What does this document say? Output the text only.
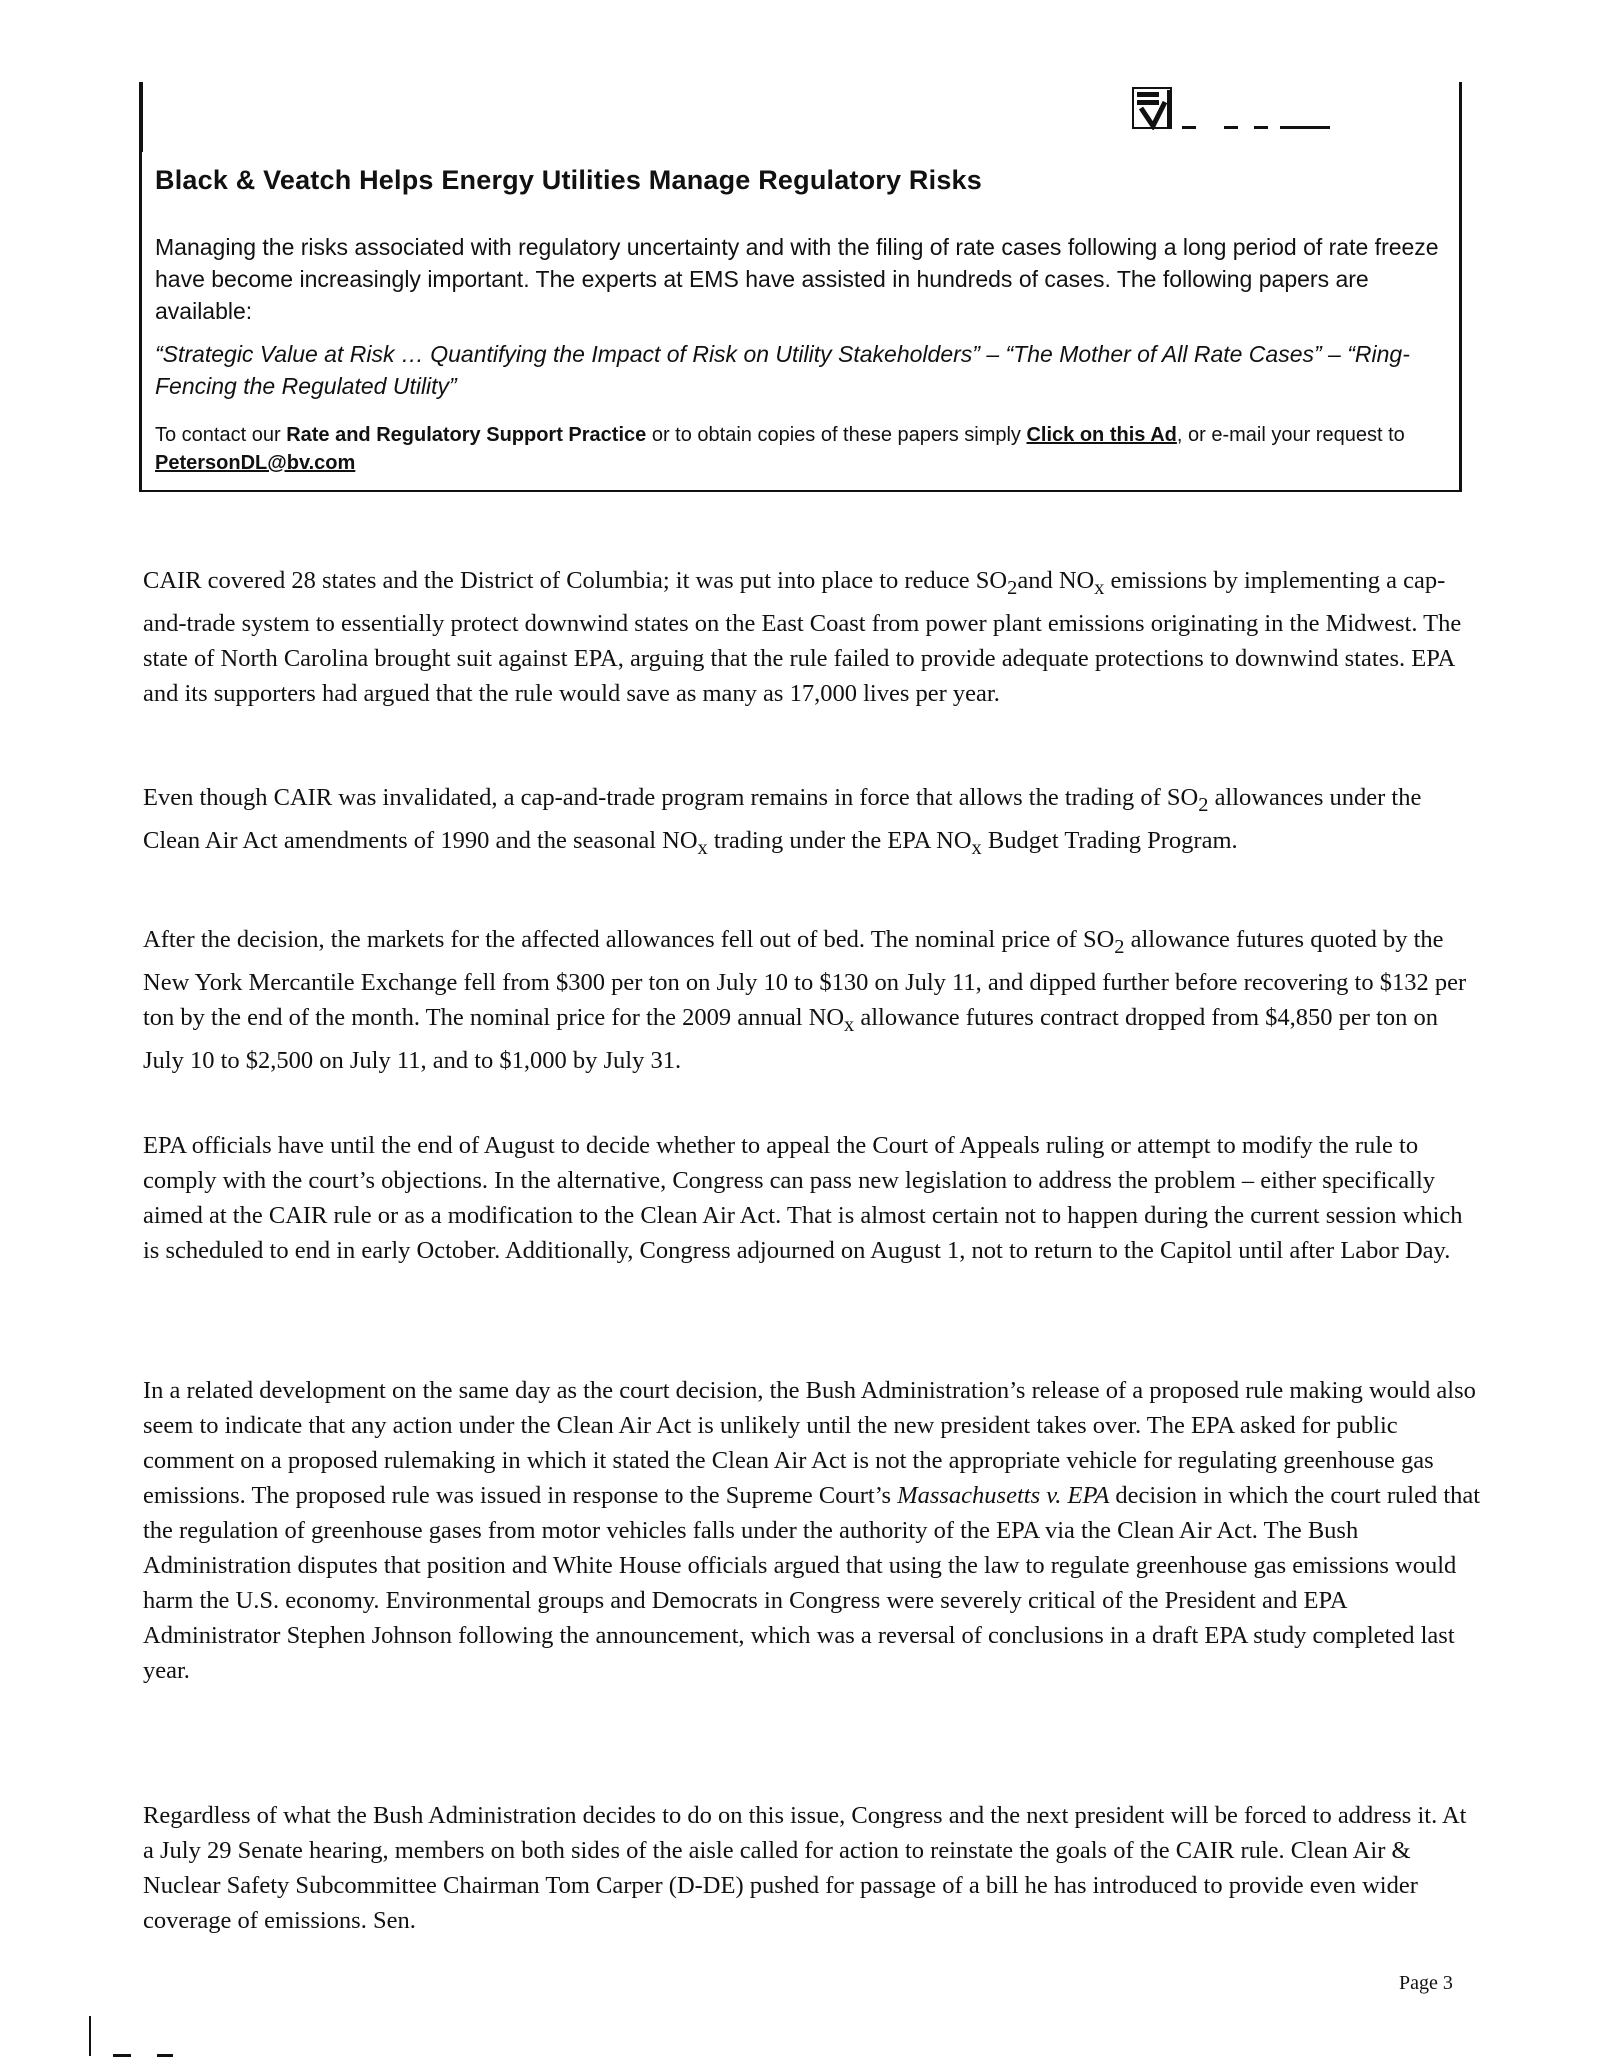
Black & Veatch Helps Energy Utilities Manage Regulatory Risks
Managing the risks associated with regulatory uncertainty and with the filing of rate cases following a long period of rate freeze have become increasingly important. The experts at EMS have assisted in hundreds of cases. The following papers are available:
“Strategic Value at Risk … Quantifying the Impact of Risk on Utility Stakeholders” – “The Mother of All Rate Cases” – “Ring-Fencing the Regulated Utility”
To contact our Rate and Regulatory Support Practice or to obtain copies of these papers simply Click on this Ad, or e-mail your request to PetersonDL@bv.com
CAIR covered 28 states and the District of Columbia; it was put into place to reduce $SO_2and$ $NO_x$ emissions by implementing a cap-and-trade system to essentially protect downwind states on the East Coast from power plant emissions originating in the Midwest. The state of North Carolina brought suit against EPA, arguing that the rule failed to provide adequate protections to downwind states. EPA and its supporters had argued that the rule would save as many as 17,000 lives per year.
Even though CAIR was invalidated, a cap-and-trade program remains in force that allows the trading of $SO_2$ allowances under the Clean Air Act amendments of 1990 and the seasonal $NO_x$ trading under the EPA $NO_x$ Budget Trading Program.
After the decision, the markets for the affected allowances fell out of bed. The nominal price of $SO_2$ allowance futures quoted by the New York Mercantile Exchange fell from $300 per ton on July 10 to $130 on July 11, and dipped further before recovering to $132 per ton by the end of the month. The nominal price for the 2009 annual $NO_x$ allowance futures contract dropped from $4,850 per ton on July 10 to $2,500 on July 11, and to $1,000 by July 31.
EPA officials have until the end of August to decide whether to appeal the Court of Appeals ruling or attempt to modify the rule to comply with the court’s objections. In the alternative, Congress can pass new legislation to address the problem – either specifically aimed at the CAIR rule or as a modification to the Clean Air Act. That is almost certain not to happen during the current session which is scheduled to end in early October. Additionally, Congress adjourned on August 1, not to return to the Capitol until after Labor Day.
In a related development on the same day as the court decision, the Bush Administration’s release of a proposed rule making would also seem to indicate that any action under the Clean Air Act is unlikely until the new president takes over. The EPA asked for public comment on a proposed rulemaking in which it stated the Clean Air Act is not the appropriate vehicle for regulating greenhouse gas emissions. The proposed rule was issued in response to the Supreme Court’s Massachusetts v. EPA decision in which the court ruled that the regulation of greenhouse gases from motor vehicles falls under the authority of the EPA via the Clean Air Act. The Bush Administration disputes that position and White House officials argued that using the law to regulate greenhouse gas emissions would harm the U.S. economy. Environmental groups and Democrats in Congress were severely critical of the President and EPA Administrator Stephen Johnson following the announcement, which was a reversal of conclusions in a draft EPA study completed last year.
Regardless of what the Bush Administration decides to do on this issue, Congress and the next president will be forced to address it. At a July 29 Senate hearing, members on both sides of the aisle called for action to reinstate the goals of the CAIR rule. Clean Air & Nuclear Safety Subcommittee Chairman Tom Carper (D-DE) pushed for passage of a bill he has introduced to provide even wider coverage of emissions. Sen.
Page 3
